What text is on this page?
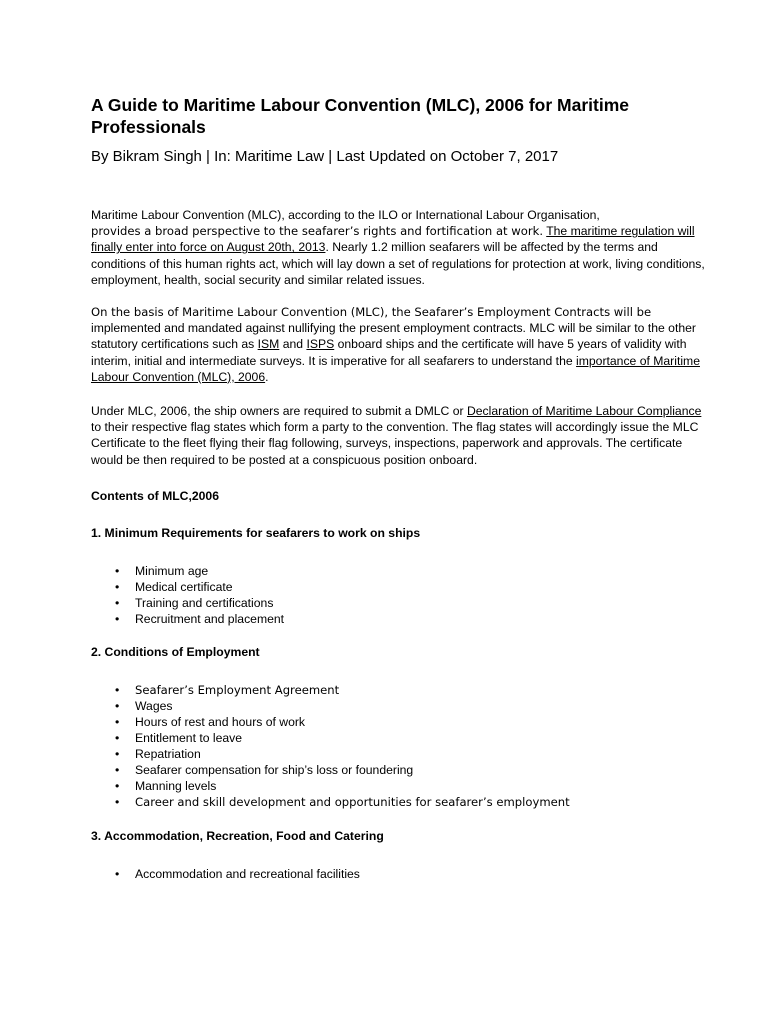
A Guide to Maritime Labour Convention (MLC), 2006 for Maritime Professionals

By Bikram Singh | In: Maritime Law | Last Updated on October 7, 2017

Maritime Labour Convention (MLC), according to the ILO or International Labour Organisation,
provides a broad perspective to the seafarer’s rights and fortification at work. The maritime regulation will finally enter into force on August 20th, 2013. Nearly 1.2 million seafarers will be affected by the terms and conditions of this human rights act, which will lay down a set of regulations for protection at work, living conditions, employment, health, social security and similar related issues.

On the basis of Maritime Labour Convention (MLC), the Seafarer’s Employment Contracts will be implemented and mandated against nullifying the present employment contracts. MLC will be similar to the other statutory certifications such as ISM and ISPS onboard ships and the certificate will have 5 years of validity with interim, initial and intermediate surveys. It is imperative for all seafarers to understand the importance of Maritime Labour Convention (MLC), 2006.

Under MLC, 2006, the ship owners are required to submit a DMLC or Declaration of Maritime Labour Compliance to their respective flag states which form a party to the convention. The flag states will accordingly issue the MLC Certificate to the fleet flying their flag following, surveys, inspections, paperwork and approvals. The certificate would be then required to be posted at a conspicuous position onboard.

Contents of MLC,2006

1. Minimum Requirements for seafarers to work on ships

• Minimum age
• Medical certificate
• Training and certifications
• Recruitment and placement

2. Conditions of Employment

• Seafarer’s Employment Agreement
• Wages
• Hours of rest and hours of work
• Entitlement to leave
• Repatriation
• Seafarer compensation for ship’s loss or foundering
• Manning levels
• Career and skill development and opportunities for seafarer’s employment

3. Accommodation, Recreation, Food and Catering

• Accommodation and recreational facilities
